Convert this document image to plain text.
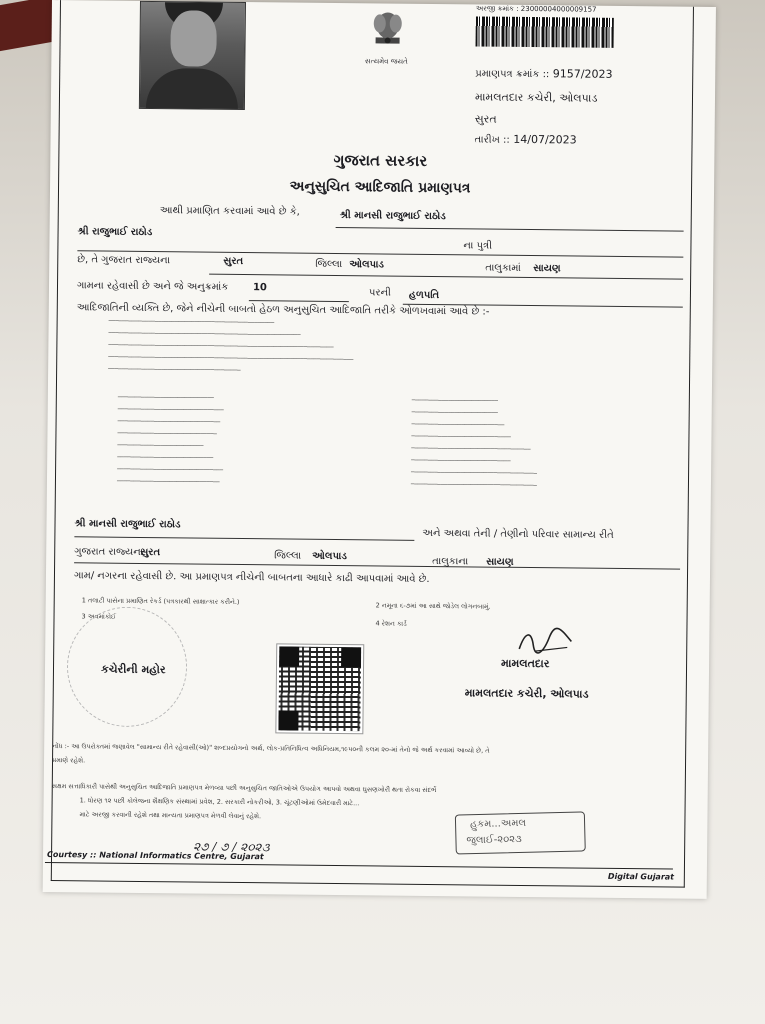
સત્યમેવ જયતે
અરજી ક્રમાંક : 23000004000009157
પ્રમાણપત્ર ક્રમાંક :: 9157/2023
મામલતદાર કચેરી, ઓલપાડ
સુરત
તારીખ :: 14/07/2023
ગુજરાત સરકાર
અનુસુચિત આદિજાતિ પ્રમાણપત્ર
આથી પ્રમાણિત કરવામાં આવે છે કે,	શ્રી માનસી રાજુભાઈ રાઠોડ
શ્રી રાજુભાઈ રાઠોડ
ના પુત્રી
છે, તે ગુજરાત રાજ્યના	સુરત	જિલ્લા ઓલપાડ	તાલુકામાં સાયણ
ગામના રહેવાસી છે અને જે અનુક્રમાંક 10	પરની હળપતિ
આદિજાતિની વ્યક્તિ છે, જેને નીચેની બાબતો હેઠળ અનુસુચિત આદિજાતિ તરીકે ઓળખવામાં આવે છે :-
──────────────────────────────────────────────────
──────────────────────────────────────────────────────────
────────────────────────────────────────────────────────────────────
──────────────────────────────────────────────────────────────────────────
────────────────────────────────────────
─────────────────────────────
────────────────────────────────
───────────────────────────────
──────────────────────────────
──────────────────────────
─────────────────────────────
────────────────────────────────
───────────────────────────────
──────────────────────────
──────────────────────────
────────────────────────────
──────────────────────────────
────────────────────────────────────
──────────────────────────────
──────────────────────────────────────
──────────────────────────────────────
શ્રી માનસી રાજુભાઈ રાઠોડ
અને અથવા તેની / તેણીનો પરિવાર સામાન્ય રીતે
ગુજરાત રાજ્યના
સુરત	જિલ્લા ઓલપાડ	તાલુકાના સાયણ
ગામ/ નગરના રહેવાસી છે. આ પ્રમાણપત્ર નીચેની બાબતના આધારે કાઢી આપવામાં આવે છે.
1 તલાટી પાસેના પ્રમાણિત રેકર્ડ (પત્રકારથી સાક્ષાત્કાર કરીને.)
2 નમૂના ૬-૭માં આ સાથે જોડેલ લોગનબામું.
3 અવમાંકોઈ
4 રેશન કાર્ડ
કચેરીની મહોર	મામલતદાર
મામલતદાર કચેરી, ઓલપાડ
નોંધ :- આ ઉપરોક્તમાં જણાવેલ "સામાન્ય રીતે રહેવાસી(ઓ)" શબ્દપ્રયોગનો અર્થ, લોક-પ્રતિનિધિત્વ અધિનિયમ,૧૯૫૦ની કલમ ૨૦-માં તેનો જે અર્થ કરવામાં આવ્યો છે, તે
પ્રમાણે રહેશે.
સક્ષમ સત્તાધિકારી પાસેથી અનુસુચિત આદિજાતિ પ્રમાણપત્ર મેળવ્યા પછી અનુસુચિત જાતિઓએ ઉપયોગ આપવો અથવા ઘુસણખોરી થતા રોકવા સંદર્ભે
1. ધોરણ ૧૨ પછી કોલેજના શૈક્ષણિક સંસ્થામાં પ્રવેશ, 2. સરકારી નોકરીઓ, 3. ચૂંટણીઓમાં ઉમેદવારી માટે...
માટે અરજી કરવાની રહેશે તથા માન્યતા પ્રમાણપત્ર મેળવી લેવાનું રહેશે.
હુકમ...અમલ
જુલાઈ-૨૦૨૩
૨૭ / ૭ / ૨૦૨૩
Courtesy :: National Informatics Centre, Gujarat
Digital Gujarat
